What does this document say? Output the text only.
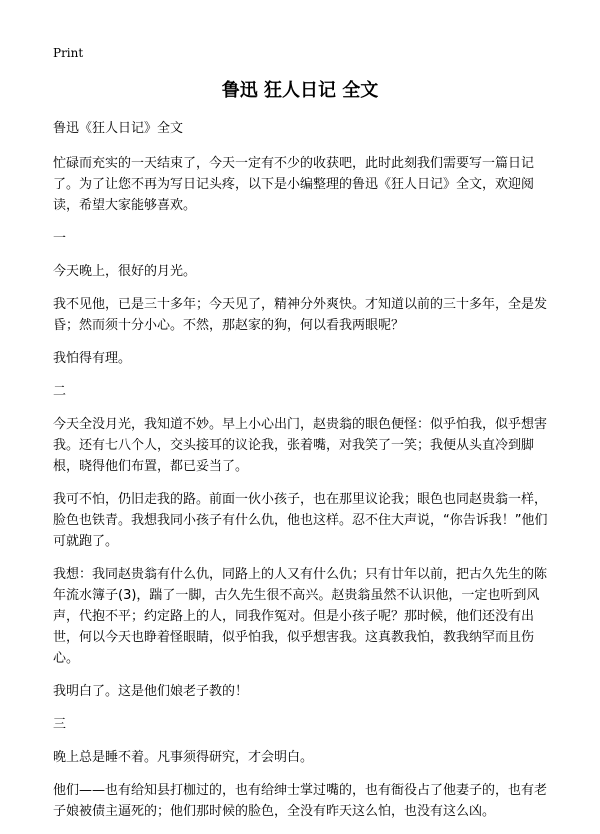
Print
鲁迅 狂人日记 全文

鲁迅《狂人日记》全文

忙碌而充实的一天结束了，今天一定有不少的收获吧，此时此刻我们需要写一篇日记了。为了让您不再为写日记头疼，以下是小编整理的鲁迅《狂人日记》全文，欢迎阅读，希望大家能够喜欢。

一

今天晚上，很好的月光。

我不见他，已是三十多年；今天见了，精神分外爽快。才知道以前的三十多年，全是发昏；然而须十分小心。不然，那赵家的狗，何以看我两眼呢？

我怕得有理。

二

今天全没月光，我知道不妙。早上小心出门，赵贵翁的眼色便怪：似乎怕我，似乎想害我。还有七八个人，交头接耳的议论我，张着嘴，对我笑了一笑；我便从头直冷到脚根，晓得他们布置，都已妥当了。

我可不怕，仍旧走我的路。前面一伙小孩子，也在那里议论我；眼色也同赵贵翁一样，脸色也铁青。我想我同小孩子有什么仇，他也这样。忍不住大声说，“你告诉我！”他们可就跑了。

我想：我同赵贵翁有什么仇，同路上的人又有什么仇；只有廿年以前，把古久先生的陈年流水簿子(3)，踹了一脚，古久先生很不高兴。赵贵翁虽然不认识他，一定也听到风声，代抱不平；约定路上的人，同我作冤对。但是小孩子呢？那时候，他们还没有出世，何以今天也睁着怪眼睛，似乎怕我，似乎想害我。这真教我怕，教我纳罕而且伤心。

我明白了。这是他们娘老子教的！

三

晚上总是睡不着。凡事须得研究，才会明白。

他们——也有给知县打枷过的，也有给绅士掌过嘴的，也有衙役占了他妻子的，也有老子娘被债主逼死的；他们那时候的脸色，全没有昨天这么怕，也没有这么凶。
